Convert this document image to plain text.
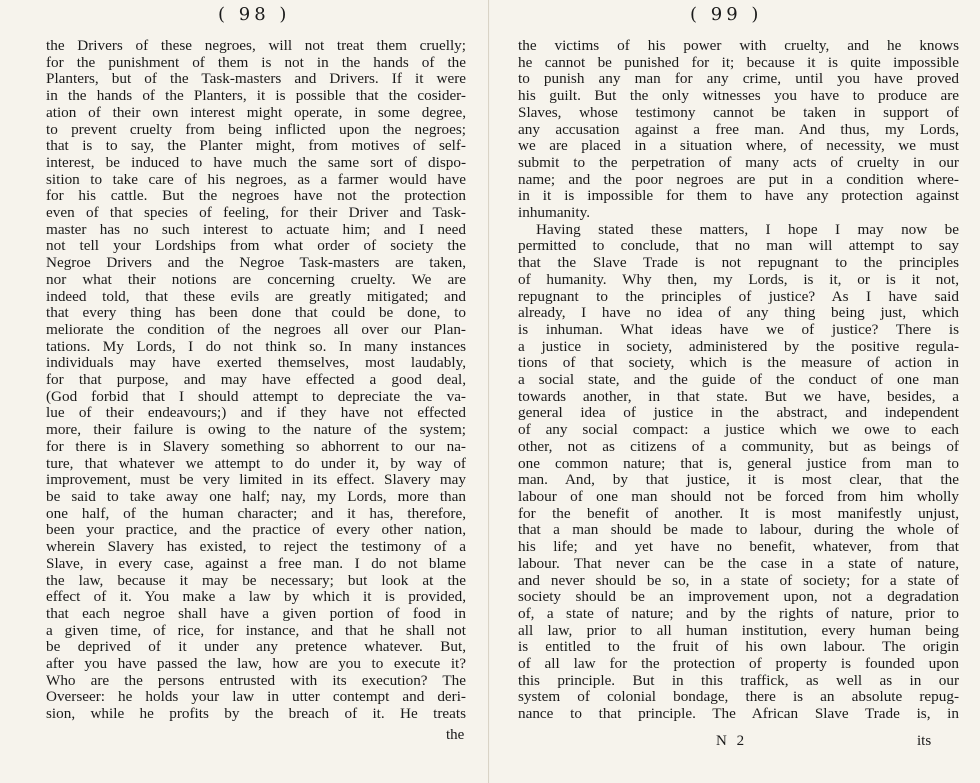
( 98 )
the Drivers of these negroes, will not treat them cruelly;
for the punishment of them is not in the hands of the
Planters, but of the Task-masters and Drivers. If it were
in the hands of the Planters, it is possible that the cosider-
ation of their own interest might operate, in some degree,
to prevent cruelty from being inflicted upon the negroes;
that is to say, the Planter might, from motives of self-
interest, be induced to have much the same sort of dispo-
sition to take care of his negroes, as a farmer would have
for his cattle. But the negroes have not the protection
even of that species of feeling, for their Driver and Task-
master has no such interest to actuate him; and I need
not tell your Lordships from what order of society the
Negroe Drivers and the Negroe Task-masters are taken,
nor what their notions are concerning cruelty. We are
indeed told, that these evils are greatly mitigated; and
that every thing has been done that could be done, to
meliorate the condition of the negroes all over our Plan-
tations. My Lords, I do not think so. In many instances
individuals may have exerted themselves, most laudably,
for that purpose, and may have effected a good deal,
(God forbid that I should attempt to depreciate the va-
lue of their endeavours;) and if they have not effected
more, their failure is owing to the nature of the system;
for there is in Slavery something so abhorrent to our na-
ture, that whatever we attempt to do under it, by way of
improvement, must be very limited in its effect. Slavery may
be said to take away one half; nay, my Lords, more than
one half, of the human character; and it has, therefore,
been your practice, and the practice of every other nation,
wherein Slavery has existed, to reject the testimony of a
Slave, in every case, against a free man. I do not blame
the law, because it may be necessary; but look at the
effect of it. You make a law by which it is provided,
that each negroe shall have a given portion of food in
a given time, of rice, for instance, and that he shall not
be deprived of it under any pretence whatever. But,
after you have passed the law, how are you to execute it?
Who are the persons entrusted with its execution? The
Overseer: he holds your law in utter contempt and deri-
sion, while he profits by the breach of it. He treats
the
( 99 )
the victims of his power with cruelty, and he knows
he cannot be punished for it; because it is quite impossible
to punish any man for any crime, until you have proved
his guilt. But the only witnesses you have to produce are
Slaves, whose testimony cannot be taken in support of
any accusation against a free man. And thus, my Lords,
we are placed in a situation where, of necessity, we must
submit to the perpetration of many acts of cruelty in our
name; and the poor negroes are put in a condition where-
in it is impossible for them to have any protection against
inhumanity.
Having stated these matters, I hope I may now be
permitted to conclude, that no man will attempt to say
that the Slave Trade is not repugnant to the principles
of humanity. Why then, my Lords, is it, or is it not,
repugnant to the principles of justice? As I have said
already, I have no idea of any thing being just, which
is inhuman. What ideas have we of justice? There is
a justice in society, administered by the positive regula-
tions of that society, which is the measure of action in
a social state, and the guide of the conduct of one man
towards another, in that state. But we have, besides, a
general idea of justice in the abstract, and independent
of any social compact: a justice which we owe to each
other, not as citizens of a community, but as beings of
one common nature; that is, general justice from man to
man. And, by that justice, it is most clear, that the
labour of one man should not be forced from him wholly
for the benefit of another. It is most manifestly unjust,
that a man should be made to labour, during the whole of
his life; and yet have no benefit, whatever, from that
labour. That never can be the case in a state of nature,
and never should be so, in a state of society; for a state of
society should be an improvement upon, not a degradation
of, a state of nature; and by the rights of nature, prior to
all law, prior to all human institution, every human being
is entitled to the fruit of his own labour. The origin
of all law for the protection of property is founded upon
this principle. But in this traffick, as well as in our
system of colonial bondage, there is an absolute repug-
nance to that principle. The African Slave Trade is, in
N 2	its
